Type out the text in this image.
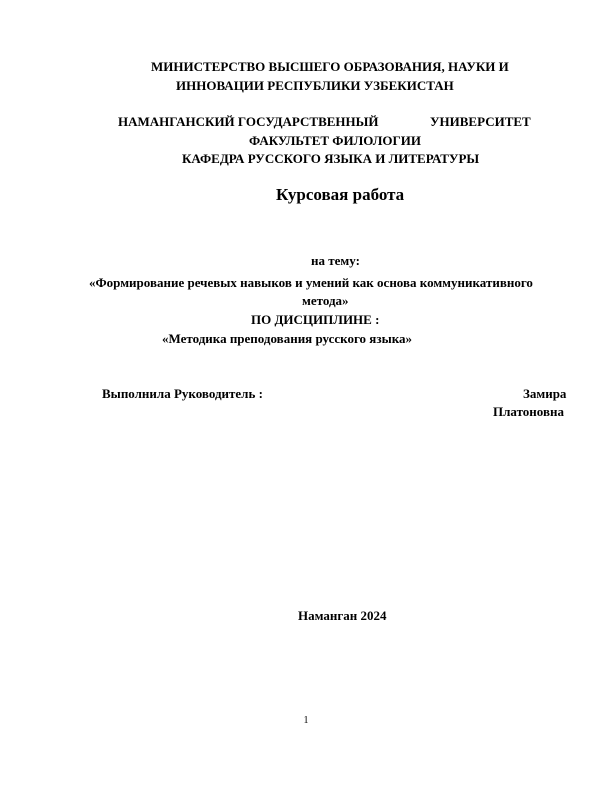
МИНИСТЕРСТВО ВЫСШЕГО ОБРАЗОВАНИЯ, НАУКИ И
ИННОВАЦИИ РЕСПУБЛИКИ УЗБЕКИСТАН
НАМАНГАНСКИЙ ГОСУДАРСТВЕННЫЙ	УНИВЕРСИТЕТ
ФАКУЛЬТЕТ ФИЛОЛОГИИ
КАФЕДРА РУССКОГО ЯЗЫКА И ЛИТЕРАТУРЫ
Курсовая работа
на тему:
«Формирование речевых навыков и умений как основа коммуникативного
метода»
ПО ДИСЦИПЛИНЕ :
«Методика преподования русского языка»
Выполнила Руководитель :	Замира
Платоновна
Наманган 2024
1
